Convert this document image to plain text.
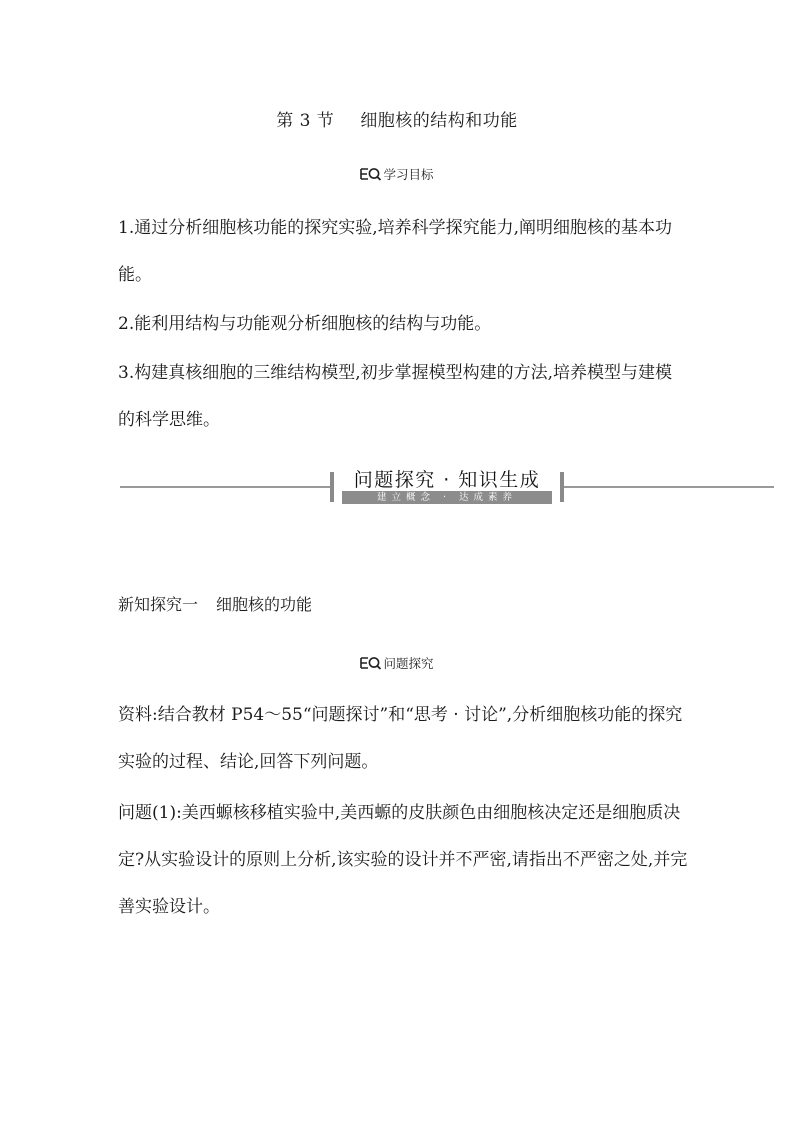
第 3 节 细胞核的结构和功能
学习目标

1.通过分析细胞核功能的探究实验,培养科学探究能力,阐明细胞核的基本功能。

2.能利用结构与功能观分析细胞核的结构与功能。

3.构建真核细胞的三维结构模型,初步掌握模型构建的方法,培养模型与建模的科学思维。

问题探究 · 知识生成
建立概念 · 达成素养
新知探究一 细胞核的功能
问题探究

资料:结合教材 P54～55“问题探讨”和“思考 · 讨论”,分析细胞核功能的探究实验的过程、结论,回答下列问题。

问题(1):美西螈核移植实验中,美西螈的皮肤颜色由细胞核决定还是细胞质决定?从实验设计的原则上分析,该实验的设计并不严密,请指出不严密之处,并完善实验设计。
